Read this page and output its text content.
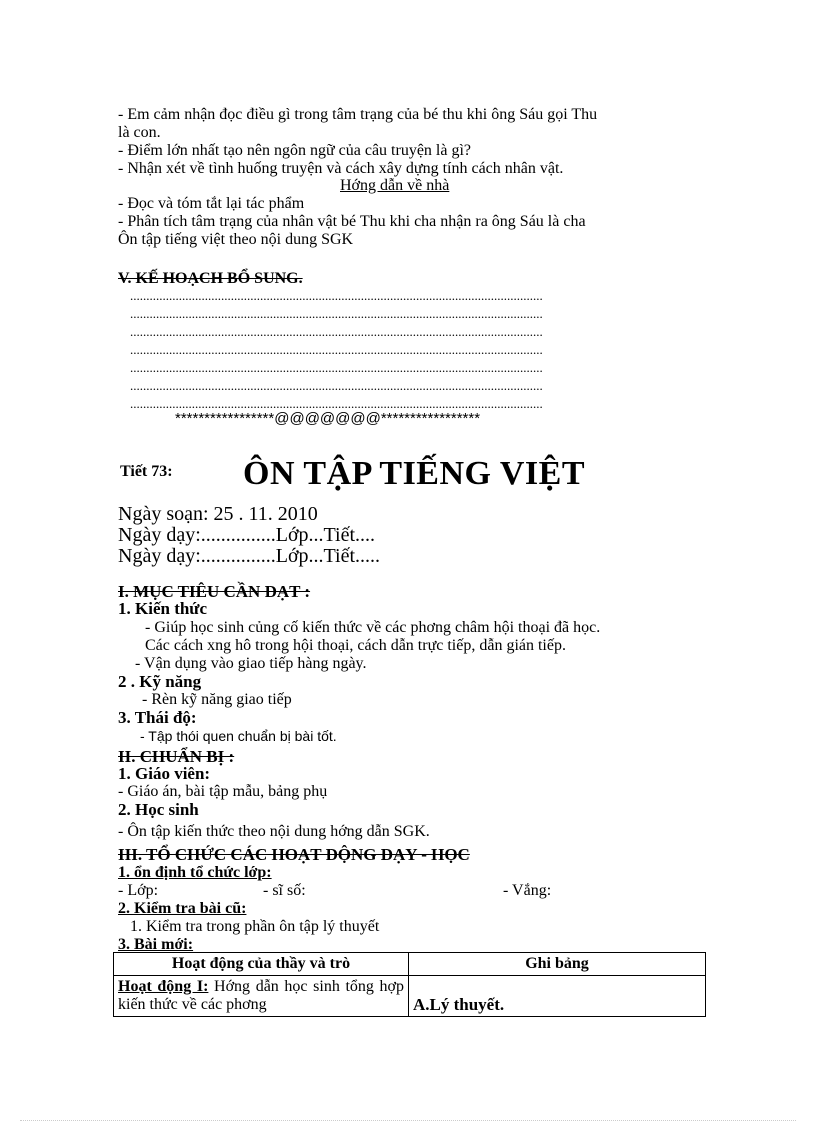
- Em cảm nhận đọc điều gì trong tâm trạng của bé thu khi ông Sáu gọi Thu
là con.
- Điểm lớn nhất tạo nên ngôn ngữ của câu truyện là gì?
- Nhận xét về tình huống truyện và cách xây dựng tính cách nhân vật.
Hớng dẫn về nhà
- Đọc và tóm tắt lại tác phẩm
- Phân tích tâm trạng của nhân vật bé Thu khi cha nhận ra ông Sáu là cha
Ôn tập tiếng việt theo nội dung SGK
V. KẾ HOẠCH BỔ SUNG.
...............................................................................................................................
...............................................................................................................................
...............................................................................................................................
...............................................................................................................................
...............................................................................................................................
...............................................................................................................................
...............................................................................................................................
*****************@@@@@@@*****************
Tiết 73: ÔN TẬP TIẾNG VIỆT
Ngày soạn: 25 . 11. 2010
Ngày dạy:...............Lớp...Tiết....
Ngày dạy:...............Lớp...Tiết.....
I. MỤC TIÊU CẦN ĐẠT :
1. Kiến thức
- Giúp học sinh củng cố kiến thức về các phơng châm hội thoại đã học.
Các cách xng hô trong hội thoại, cách dẫn trực tiếp, dẫn gián tiếp.
- Vận dụng vào giao tiếp hàng ngày.
2 . Kỹ năng
- Rèn kỹ năng giao tiếp
3. Thái độ:
- Tập thói quen chuẩn bị bài tốt.
II. CHUẨN BỊ :
1. Giáo viên:
- Giáo án, bài tập mẫu, bảng phụ
2. Học sinh
- Ôn tập kiến thức theo nội dung hớng dẫn SGK.
III. TỔ CHỨC CÁC HOẠT ĐỘNG DẠY - HỌC
1. ổn định tổ chức lớp:
- Lớp:	- sĩ số:	- Vắng:
2. Kiểm tra bài cũ:
1. Kiểm tra trong phần ôn tập lý thuyết
3. Bài mới:
Hoạt động của thầy và trò	Ghi bảng
Hoạt động I: Hớng dẫn học sinh tổng hợp kiến thức về các phơng	A.Lý thuyết.
